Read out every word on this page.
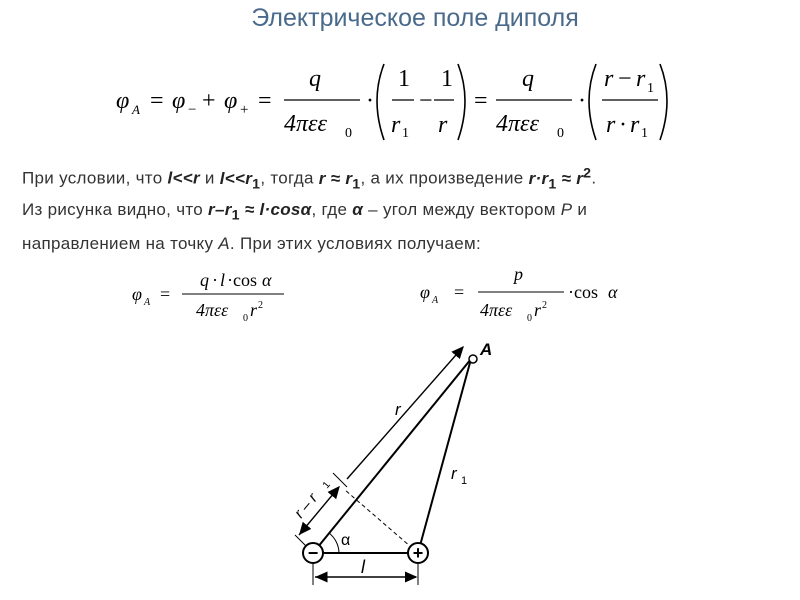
Электрическое поле диполя
φ A = φ − + φ + =
q
4πεε 0
·
1
r 1
−
1
r
=
q
4πεε 0
·
r − r 1
r · r 1
При условии, что l<<r и $l<<r_1$, тогда $r \approx r_1$, а их произведение $r\cdot r_1 \approx r^2$.
Из рисунка видно, что $r-r_1 \approx l\cdot\cos\alpha$, где α – угол между вектором P и
направлением на точку A. При этих условиях получаем:
φ A =
q · l ·cos α
4πεε 0 r 2
φ A =
p
4πεε 0 r 2
·cos α
−	+
A
r
r 1
r – r
1
α
l
